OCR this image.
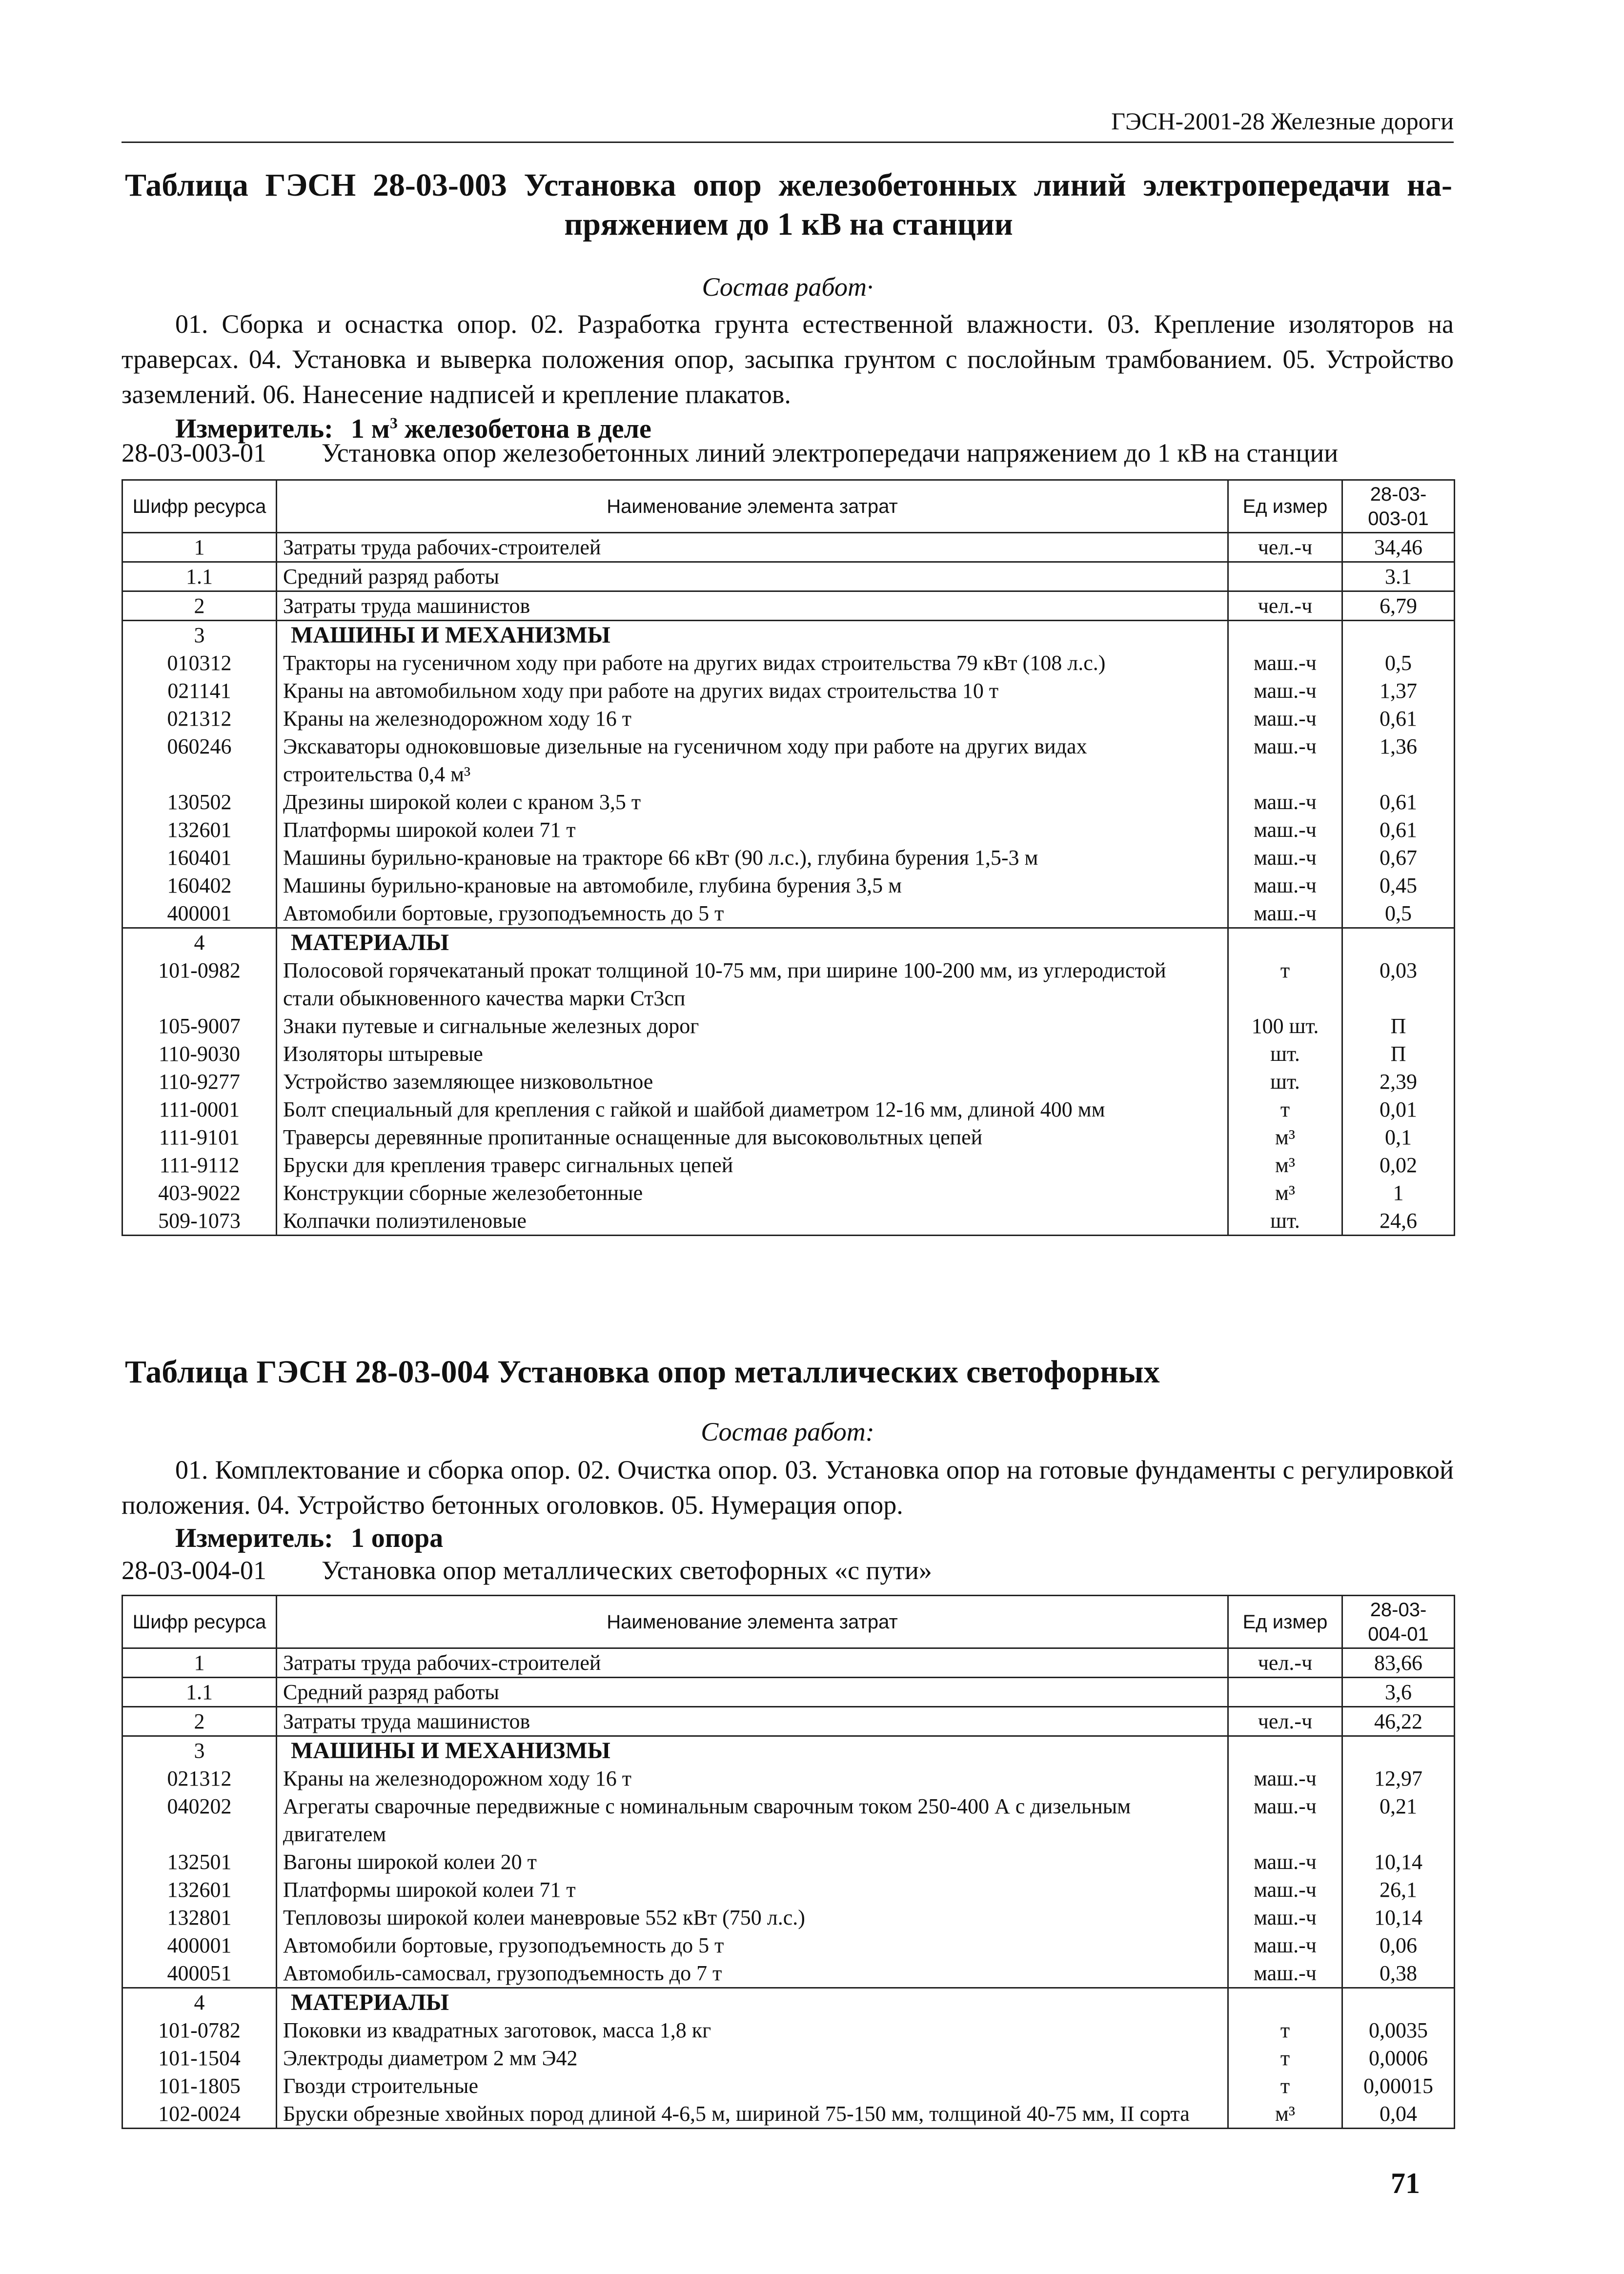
ГЭСН-2001-28 Железные дороги
Таблица ГЭСН 28-03-003 Установка опор железобетонных линий электропередачи на-
пряжением до 1 кВ на станции
Состав работ·
01. Сборка и оснастка опор. 02. Разработка грунта естественной влажности. 03. Крепление изоляторов на траверсах. 04. Установка и выверка положения опор, засыпка грунтом с послойным трамбованием. 05. Устройство заземлений. 06. Нанесение надписей и крепление плакатов.
Измеритель: 1 $м^3$ железобетона в деле
28-03-003-01 Установка опор железобетонных линий электропередачи напряжением до 1 кВ на станции
Шифр ресурса	Наименование элемента затрат	Ед измер	28-03-003-01
1	Затраты труда рабочих-строителей	чел.-ч	34,46
1.1	Средний разряд работы		3.1
2	Затраты труда машинистов	чел.-ч	6,79
3	МАШИНЫ И МЕХАНИЗМЫ		
010312	Тракторы на гусеничном ходу при работе на других видах строительства 79 кВт (108 л.с.)	маш.-ч	0,5
021141	Краны на автомобильном ходу при работе на других видах строительства 10 т	маш.-ч	1,37
021312	Краны на железнодорожном ходу 16 т	маш.-ч	0,61
060246	Экскаваторы одноковшовые дизельные на гусеничном ходу при работе на других видах строительства 0,4 м³	маш.-ч	1,36
130502	Дрезины широкой колеи с краном 3,5 т	маш.-ч	0,61
132601	Платформы широкой колеи 71 т	маш.-ч	0,61
160401	Машины бурильно-крановые на тракторе 66 кВт (90 л.с.), глубина бурения 1,5-3 м	маш.-ч	0,67
160402	Машины бурильно-крановые на автомобиле, глубина бурения 3,5 м	маш.-ч	0,45
400001	Автомобили бортовые, грузоподъемность до 5 т	маш.-ч	0,5
4	МАТЕРИАЛЫ		
101-0982	Полосовой горячекатаный прокат толщиной 10-75 мм, при ширине 100-200 мм, из углеродистой стали обыкновенного качества марки Ст3сп	т	0,03
105-9007	Знаки путевые и сигнальные железных дорог	100 шт.	П
110-9030	Изоляторы штыревые	шт.	П
110-9277	Устройство заземляющее низковольтное	шт.	2,39
111-0001	Болт специальный для крепления с гайкой и шайбой диаметром 12-16 мм, длиной 400 мм	т	0,01
111-9101	Траверсы деревянные пропитанные оснащенные для высоковольтных цепей	м³	0,1
111-9112	Бруски для крепления траверс сигнальных цепей	м³	0,02
403-9022	Конструкции сборные железобетонные	м³	1
509-1073	Колпачки полиэтиленовые	шт.	24,6
Таблица ГЭСН 28-03-004 Установка опор металлических светофорных
Состав работ:
01. Комплектование и сборка опор. 02. Очистка опор. 03. Установка опор на готовые фундаменты с регулировкой положения. 04. Устройство бетонных оголовков. 05. Нумерация опор.
Измеритель: 1 опора
28-03-004-01 Установка опор металлических светофорных «с пути»
Шифр ресурса	Наименование элемента затрат	Ед измер	28-03-004-01
1	Затраты труда рабочих-строителей	чел.-ч	83,66
1.1	Средний разряд работы		3,6
2	Затраты труда машинистов	чел.-ч	46,22
3	МАШИНЫ И МЕХАНИЗМЫ		
021312	Краны на железнодорожном ходу 16 т	маш.-ч	12,97
040202	Агрегаты сварочные передвижные с номинальным сварочным током 250-400 А с дизельным двигателем	маш.-ч	0,21
132501	Вагоны широкой колеи 20 т	маш.-ч	10,14
132601	Платформы широкой колеи 71 т	маш.-ч	26,1
132801	Тепловозы широкой колеи маневровые 552 кВт (750 л.с.)	маш.-ч	10,14
400001	Автомобили бортовые, грузоподъемность до 5 т	маш.-ч	0,06
400051	Автомобиль-самосвал, грузоподъемность до 7 т	маш.-ч	0,38
4	МАТЕРИАЛЫ		
101-0782	Поковки из квадратных заготовок, масса 1,8 кг	т	0,0035
101-1504	Электроды диаметром 2 мм Э42	т	0,0006
101-1805	Гвозди строительные	т	0,00015
102-0024	Бруски обрезные хвойных пород длиной 4-6,5 м, шириной 75-150 мм, толщиной 40-75 мм, II сорта	м³	0,04
71
